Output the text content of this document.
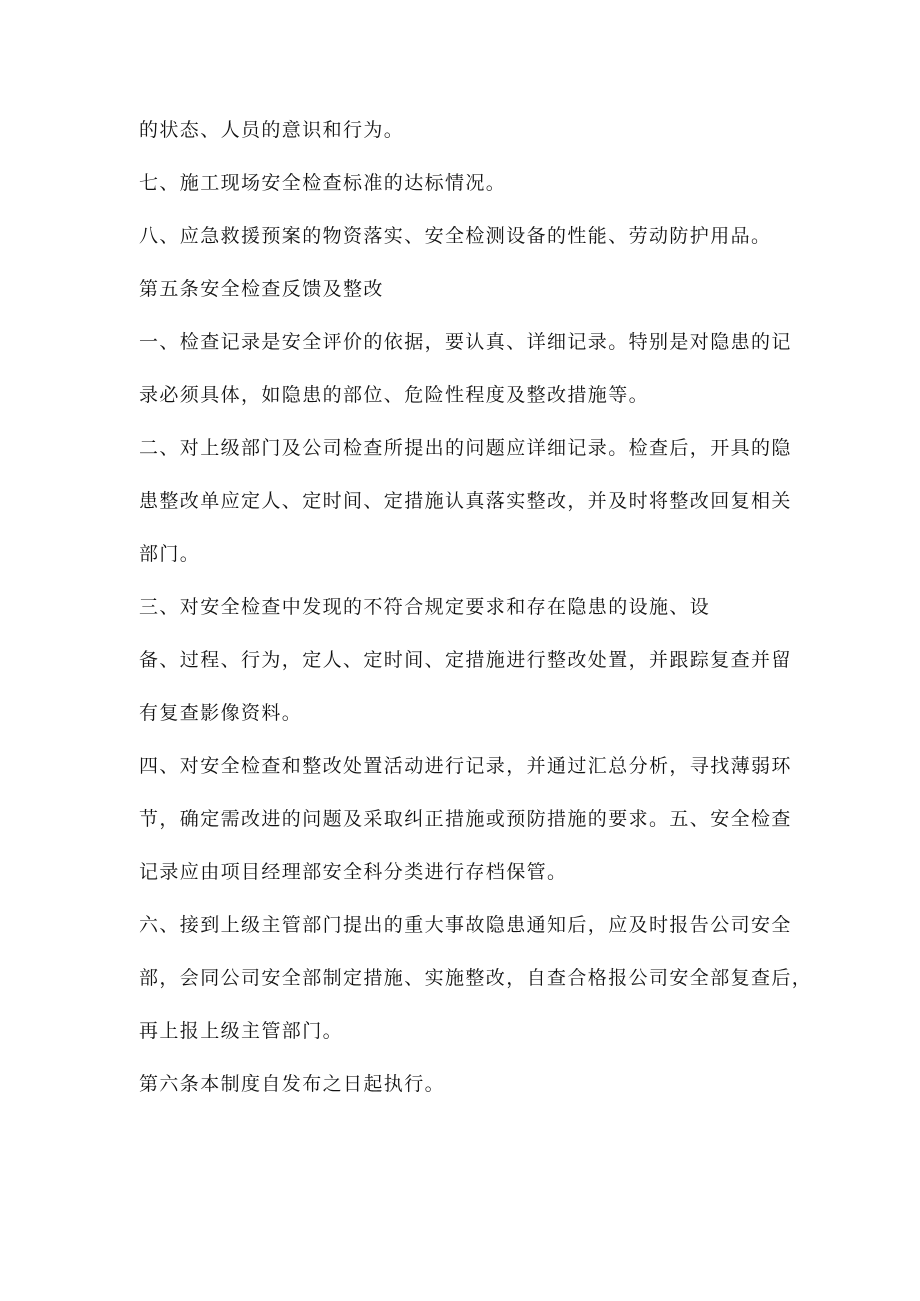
的状态、人员的意识和行为。
七、施工现场安全检查标准的达标情况。
八、应急救援预案的物资落实、安全检测设备的性能、劳动防护用品。
第五条安全检查反馈及整改
一、检查记录是安全评价的依据，要认真、详细记录。特别是对隐患的记
录必须具体，如隐患的部位、危险性程度及整改措施等。
二、对上级部门及公司检查所提出的问题应详细记录。检查后，开具的隐
患整改单应定人、定时间、定措施认真落实整改，并及时将整改回复相关
部门。
三、对安全检查中发现的不符合规定要求和存在隐患的设施、设
备、过程、行为，定人、定时间、定措施进行整改处置，并跟踪复查并留
有复查影像资料。
四、对安全检查和整改处置活动进行记录，并通过汇总分析，寻找薄弱环
节，确定需改进的问题及采取纠正措施或预防措施的要求。五、安全检查
记录应由项目经理部安全科分类进行存档保管。
六、接到上级主管部门提出的重大事故隐患通知后，应及时报告公司安全
部，会同公司安全部制定措施、实施整改，自查合格报公司安全部复查后，
再上报上级主管部门。
第六条本制度自发布之日起执行。
